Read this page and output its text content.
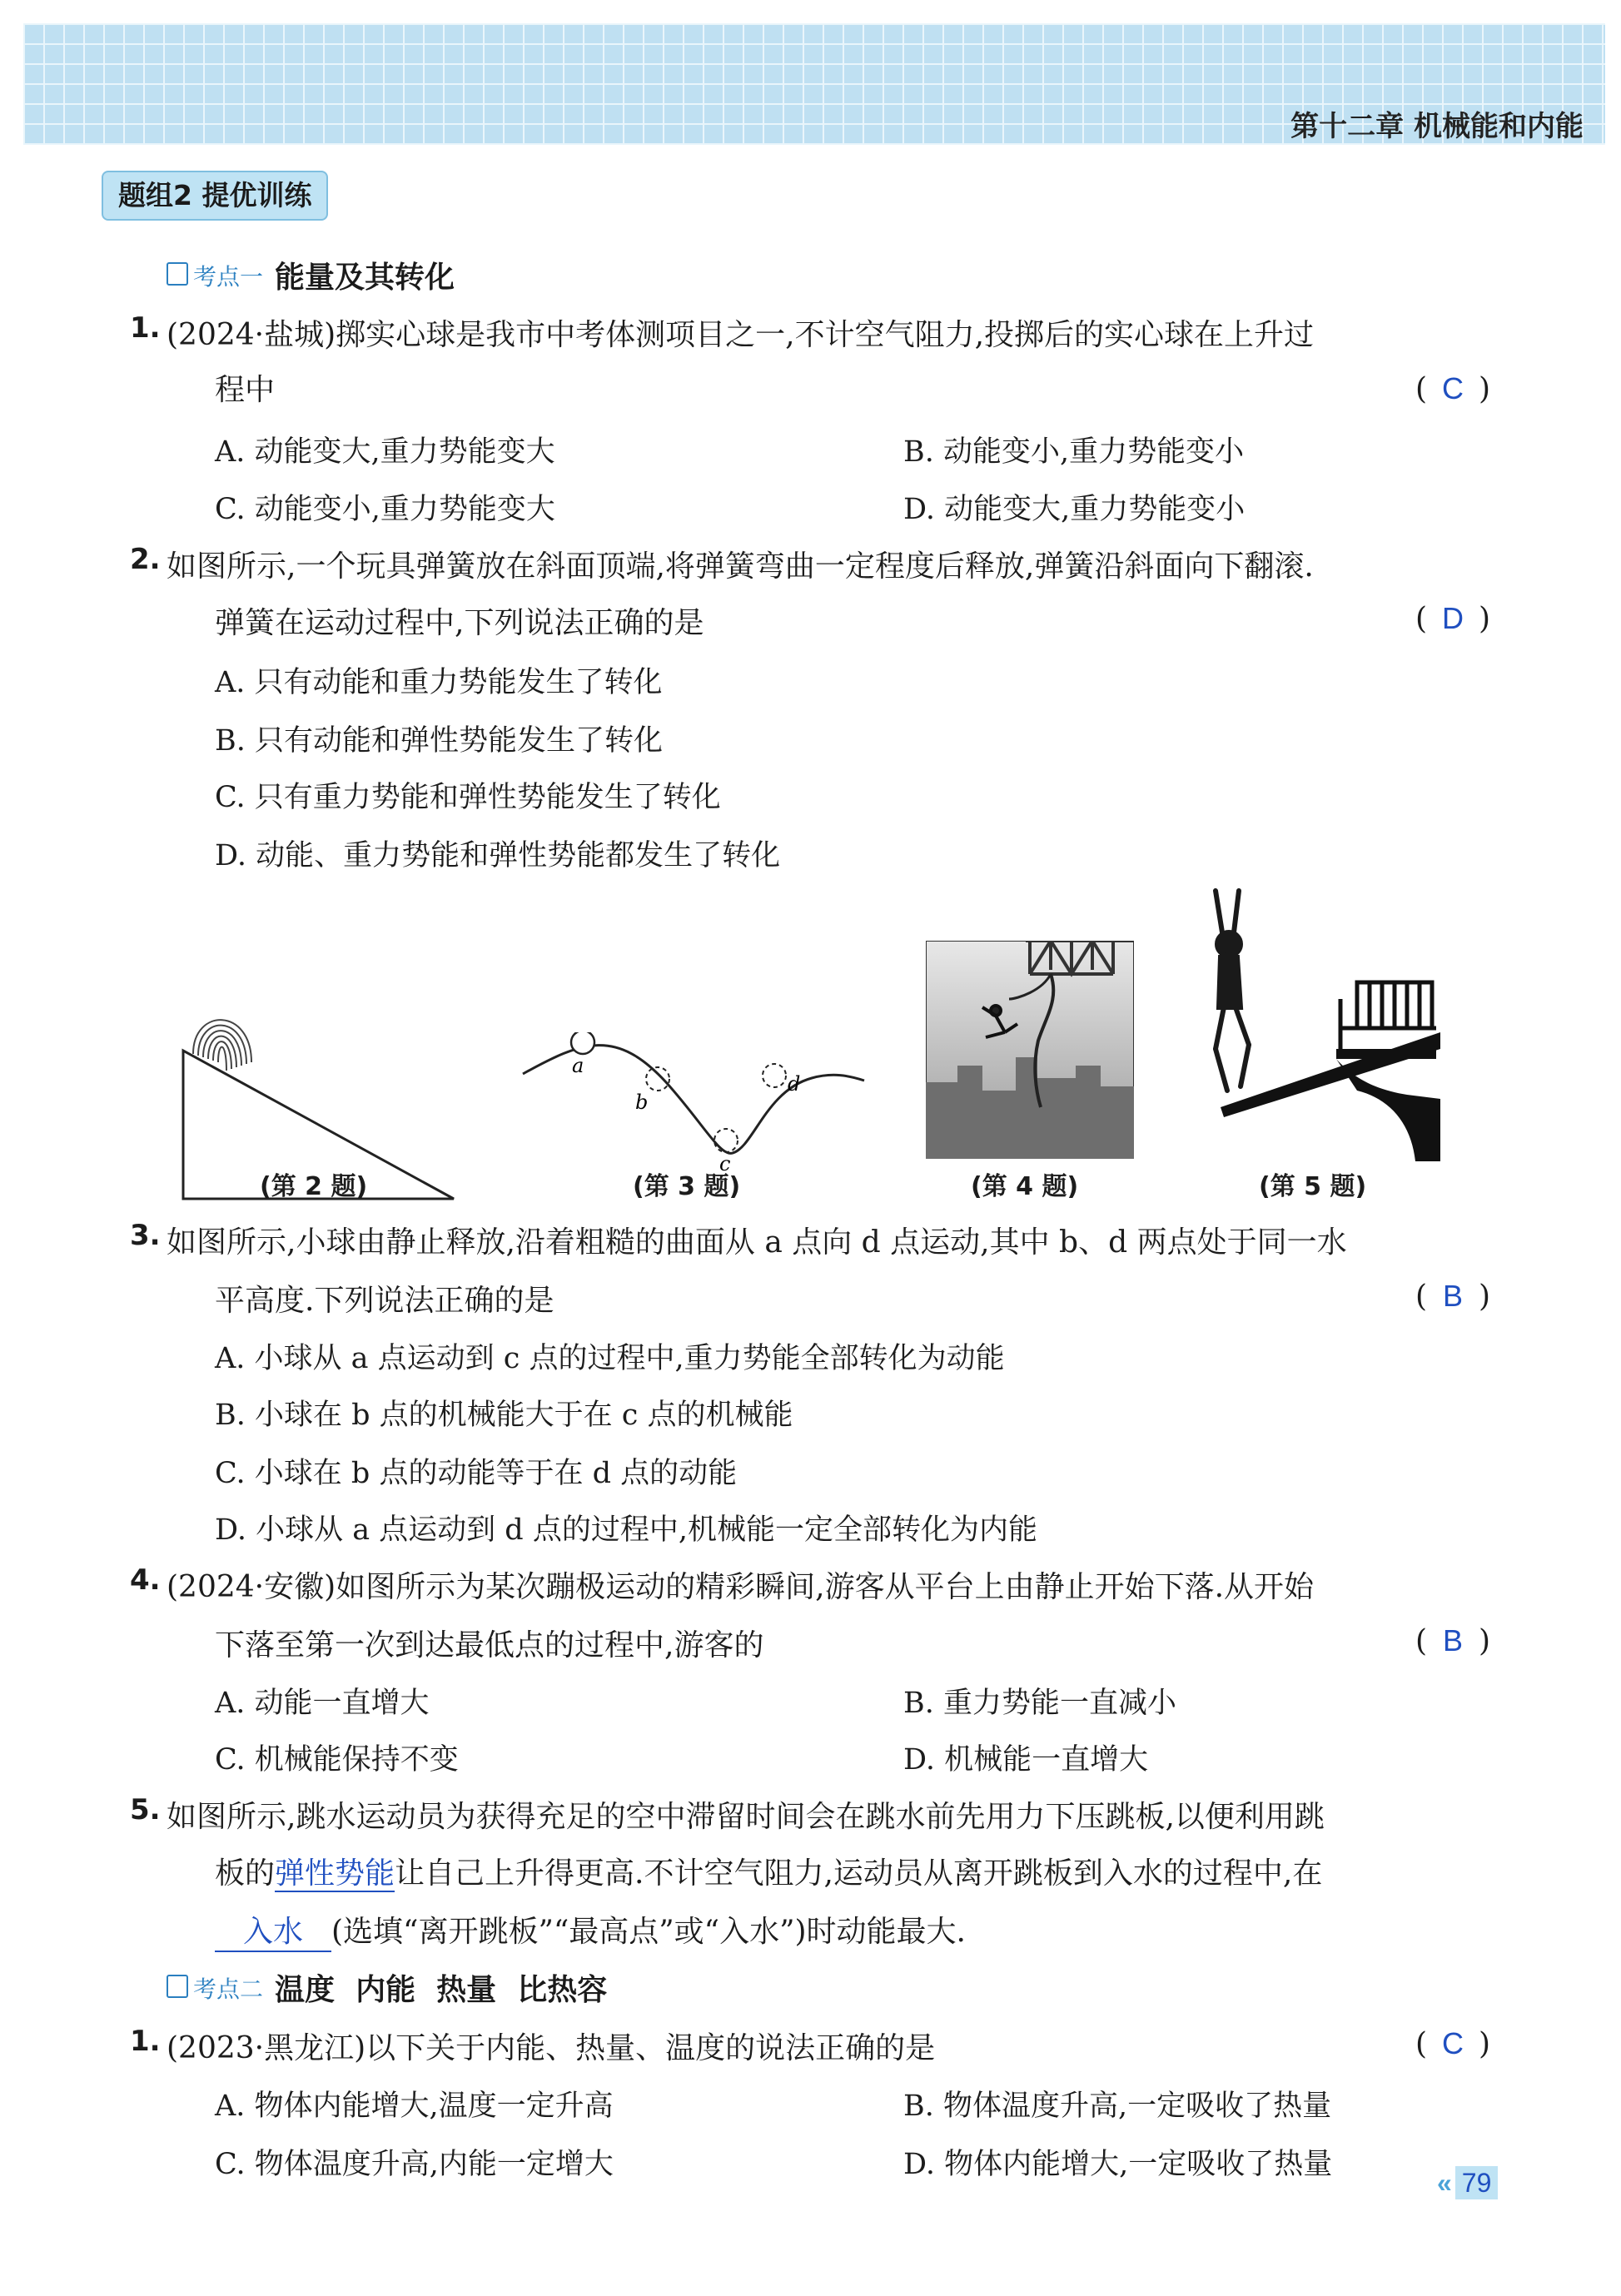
第十二章 机械能和内能
题组2 提优训练
考点一 能量及其转化
1. (2024·盐城)掷实心球是我市中考体测项目之一,不计空气阻力,投掷后的实心球在上升过
程中	( C )
A. 动能变大,重力势能变大	B. 动能变小,重力势能变小
C. 动能变小,重力势能变大	D. 动能变大,重力势能变小
2. 如图所示,一个玩具弹簧放在斜面顶端,将弹簧弯曲一定程度后释放,弹簧沿斜面向下翻滚.
弹簧在运动过程中,下列说法正确的是	( D )
A. 只有动能和重力势能发生了转化
B. 只有动能和弹性势能发生了转化
C. 只有重力势能和弹性势能发生了转化
D. 动能、重力势能和弹性势能都发生了转化
(第 2 题)
a
b
c
d
(第 3 题)	(第 4 题)	(第 5 题)
3. 如图所示,小球由静止释放,沿着粗糙的曲面从 a 点向 d 点运动,其中 b、d 两点处于同一水
平高度.下列说法正确的是	( B )
A. 小球从 a 点运动到 c 点的过程中,重力势能全部转化为动能
B. 小球在 b 点的机械能大于在 c 点的机械能
C. 小球在 b 点的动能等于在 d 点的动能
D. 小球从 a 点运动到 d 点的过程中,机械能一定全部转化为内能
4. (2024·安徽)如图所示为某次蹦极运动的精彩瞬间,游客从平台上由静止开始下落.从开始
下落至第一次到达最低点的过程中,游客的	( B )
A. 动能一直增大	B. 重力势能一直减小
C. 机械能保持不变	D. 机械能一直增大
5. 如图所示,跳水运动员为获得充足的空中滞留时间会在跳水前先用力下压跳板,以便利用跳
板的弹性势能让自己上升得更高.不计空气阻力,运动员从离开跳板到入水的过程中,在
入水 (选填“离开跳板”“最高点”或“入水”)时动能最大.
考点二 温度  内能  热量  比热容
1. (2023·黑龙江)以下关于内能、热量、温度的说法正确的是	( C )
A. 物体内能增大,温度一定升高	B. 物体温度升高,一定吸收了热量
C. 物体温度升高,内能一定增大	D. 物体内能增大,一定吸收了热量
« 79
